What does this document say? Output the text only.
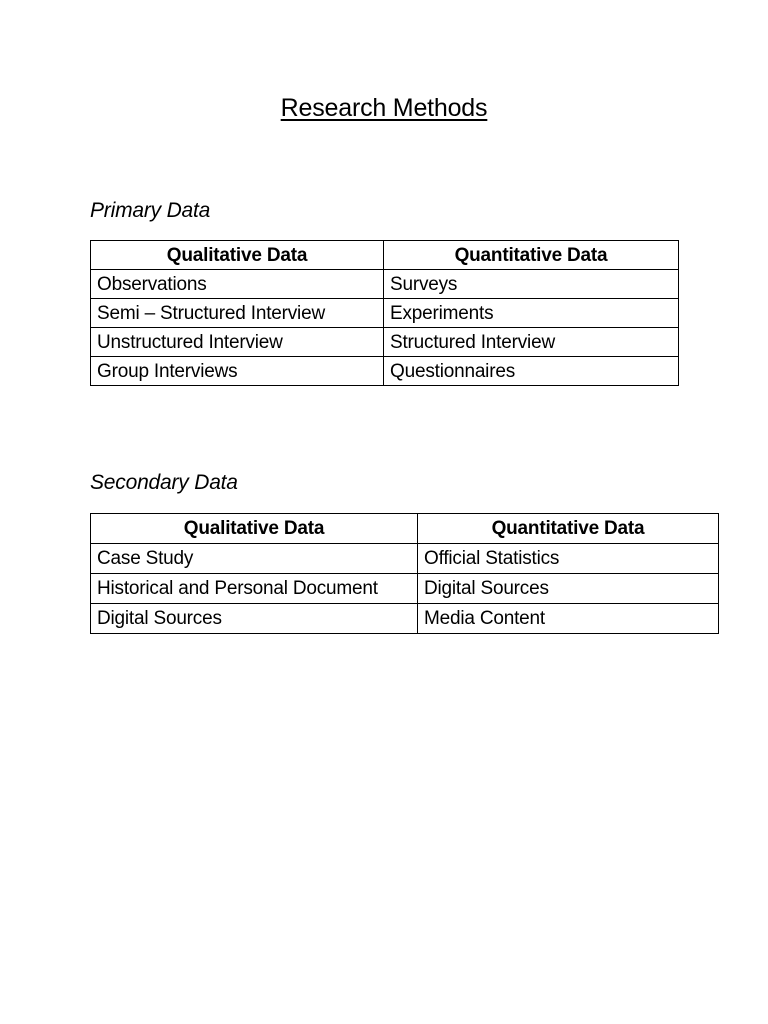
Research Methods
Primary Data
Qualitative Data	Quantitative Data
Observations	Surveys
Semi – Structured Interview	Experiments
Unstructured Interview	Structured Interview
Group Interviews	Questionnaires
Secondary Data
Qualitative Data	Quantitative Data
Case Study	Official Statistics
Historical and Personal Document	Digital Sources
Digital Sources	Media Content
